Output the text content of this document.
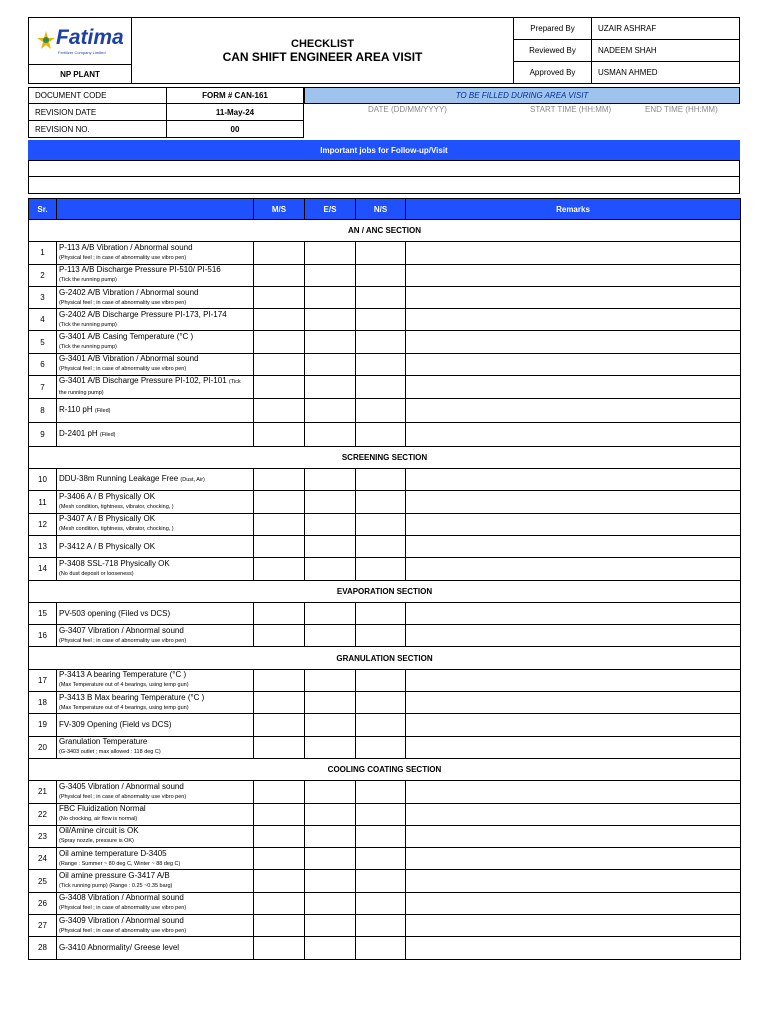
Fatima
Fertilizer Company Limited
NP PLANT
CHECKLIST
CAN SHIFT ENGINEER AREA VISIT
Prepared By	UZAIR ASHRAF
Reviewed By	NADEEM SHAH
Approved By	USMAN AHMED
DOCUMENT CODE	FORM # CAN-161
REVISION DATE	11-May-24
REVISION NO.	00
TO BE FILLED DURING AREA VISIT
DATE (DD/MM/YYYY)	START TIME (HH:MM)	END TIME (HH:MM)
Important jobs for Follow-up/Visit
Sr.		M/S	E/S	N/S	Remarks
AN / ANC SECTION					
1	P-113 A/B Vibration / Abnormal sound
(Physical feel ; in case of abnormality use vibro pen)				

2	P-113 A/B Discharge Pressure PI-510/ PI-516
(Tick the running pump)				

3	G-2402 A/B Vibration / Abnormal sound
(Physical feel ; in case of abnormality use vibro pen)				

4	G-2402 A/B Discharge Pressure PI-173, PI-174
(Tick the running pump)				

5	G-3401 A/B Casing Temperature (°C )
(Tick the running pump)				

6	G-3401 A/B Vibration / Abnormal sound
(Physical feel ; in case of abnormality use vibro pen)				

7	G-3401 A/B Discharge Pressure PI-102, PI-101 (Tick
the running pump)				

8	R-110 pH (Filed)				

9	D-2401 pH (Filed)				

SCREENING SECTION					
10	DDU-38m Running Leakage Free (Dust, Air)				

11	P-3406 A / B Physically OK
(Mesh condition, tightness, vibrator, chocking, )				

12	P-3407 A / B Physically OK
(Mesh condition, tightness, vibrator, chocking, )				

13	P-3412 A / B Physically OK				

14	P-3408 SSL-718 Physically OK
(No dust deposit or looseness)				

EVAPORATION SECTION					
15	PV-503 opening (Filed vs DCS)				

16	G-3407 Vibration / Abnormal sound
(Physical feel ; in case of abnormality use vibro pen)				

GRANULATION SECTION					
17	P-3413 A bearing Temperature (°C )
(Max Temperature out of 4 bearings, using temp gun)				

18	P-3413 B Max bearing Temperature (°C )
(Max Temperature out of 4 bearings, using temp gun)				

19	FV-309 Opening (Field vs DCS)				

20	Granulation Temperature
(G-3403 outlet ; max allowed : 118 deg C)				

COOLING COATING SECTION					
21	G-3405 Vibration / Abnormal sound
(Physical feel ; in case of abnormality use vibro pen)				

22	FBC Fluidization Normal
(No chocking, air flow is normal)				

23	Oil/Amine circuit is OK
(Spray nozzle, pressure is OK)				

24	Oil amine temperature D-3405
(Range : Summer ~ 80 deg C, Winter ~ 88 deg C)				

25	Oil amine pressure G-3417 A/B
(Tick running pump) (Range : 0.25 ~0.35 barg)				

26	G-3408 Vibration / Abnormal sound
(Physical feel ; in case of abnormality use vibro pen)				

27	G-3409 Vibration / Abnormal sound
(Physical feel ; in case of abnormality use vibro pen)				

28	G-3410 Abnormality/ Greese level				
